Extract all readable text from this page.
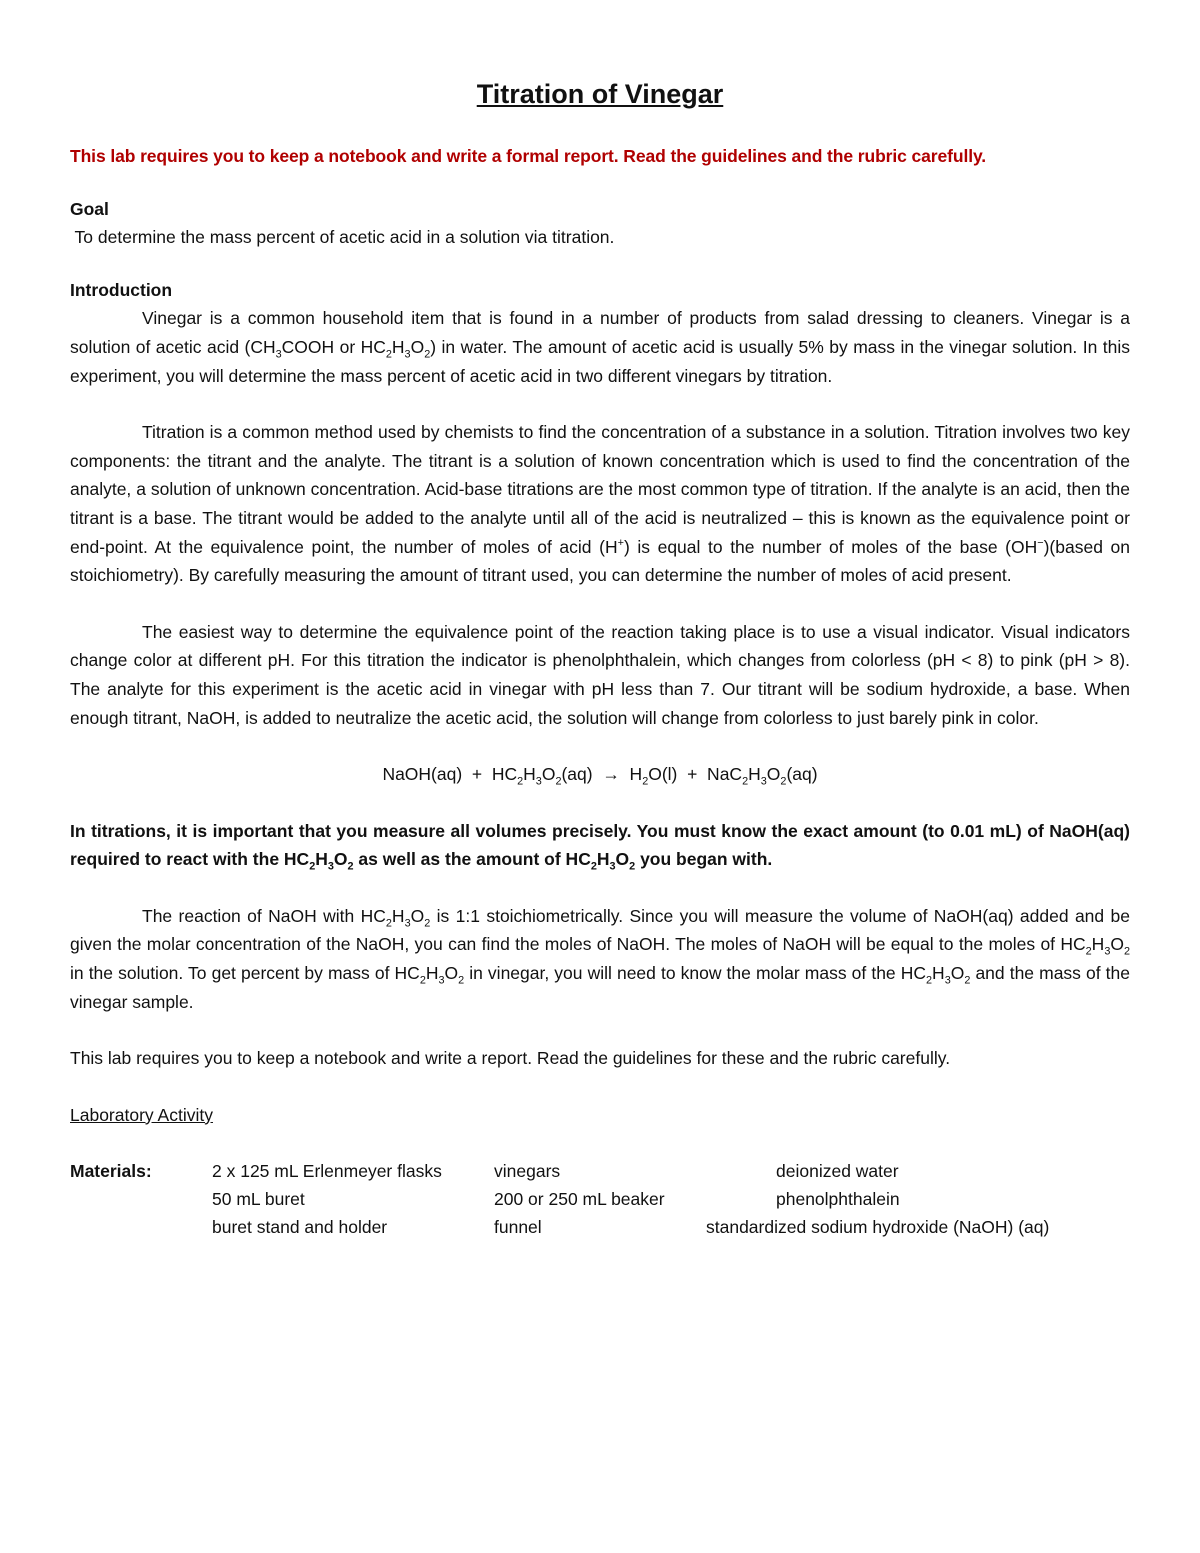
Titration of Vinegar
This lab requires you to keep a notebook and write a formal report. Read the guidelines and the rubric carefully.
Goal
To determine the mass percent of acetic acid in a solution via titration.
Introduction
Vinegar is a common household item that is found in a number of products from salad dressing to cleaners. Vinegar is a solution of acetic acid ($CH_3COOH$ or $HC_2H_3O_2$) in water. The amount of acetic acid is usually 5% by mass in the vinegar solution. In this experiment, you will determine the mass percent of acetic acid in two different vinegars by titration.
Titration is a common method used by chemists to find the concentration of a substance in a solution. Titration involves two key components: the titrant and the analyte. The titrant is a solution of known concentration which is used to find the concentration of the analyte, a solution of unknown concentration. Acid-base titrations are the most common type of titration. If the analyte is an acid, then the titrant is a base. The titrant would be added to the analyte until all of the acid is neutralized – this is known as the equivalence point or end-point. At the equivalence point, the number of moles of acid (H+) is equal to the number of moles of the base (OH−)(based on stoichiometry). By carefully measuring the amount of titrant used, you can determine the number of moles of acid present.
The easiest way to determine the equivalence point of the reaction taking place is to use a visual indicator. Visual indicators change color at different pH. For this titration the indicator is phenolphthalein, which changes from colorless (pH < 8) to pink (pH > 8). The analyte for this experiment is the acetic acid in vinegar with pH less than 7. Our titrant will be sodium hydroxide, a base. When enough titrant, NaOH, is added to neutralize the acetic acid, the solution will change from colorless to just barely pink in color.
NaOH(aq)  +  $HC_2H_3O_2(aq) \to H_2O(l) + NaC_2H_3O_2(aq)$
In titrations, it is important that you measure all volumes precisely. You must know the exact amount (to 0.01 mL) of NaOH(aq) required to react with the $HC_2H_3O_2$ as well as the amount of $HC_2H_3O_2$ you began with.
The reaction of NaOH with $HC_2H_3O_2$ is 1:1 stoichiometrically. Since you will measure the volume of NaOH(aq) added and be given the molar concentration of the NaOH, you can find the moles of NaOH. The moles of NaOH will be equal to the moles of $HC_2H_3O_2$ in the solution. To get percent by mass of $HC_2H_3O_2$ in vinegar, you will need to know the molar mass of the $HC_2H_3O_2$ and the mass of the vinegar sample.
This lab requires you to keep a notebook and write a report. Read the guidelines for these and the rubric carefully.
Laboratory Activity
Materials:	2 x 125 mL Erlenmeyer flasks
50 mL buret
buret stand and holder
vinegars
200 or 250 mL beaker
funnel
deionized water
phenolphthalein
standardized sodium hydroxide (NaOH) (aq)
